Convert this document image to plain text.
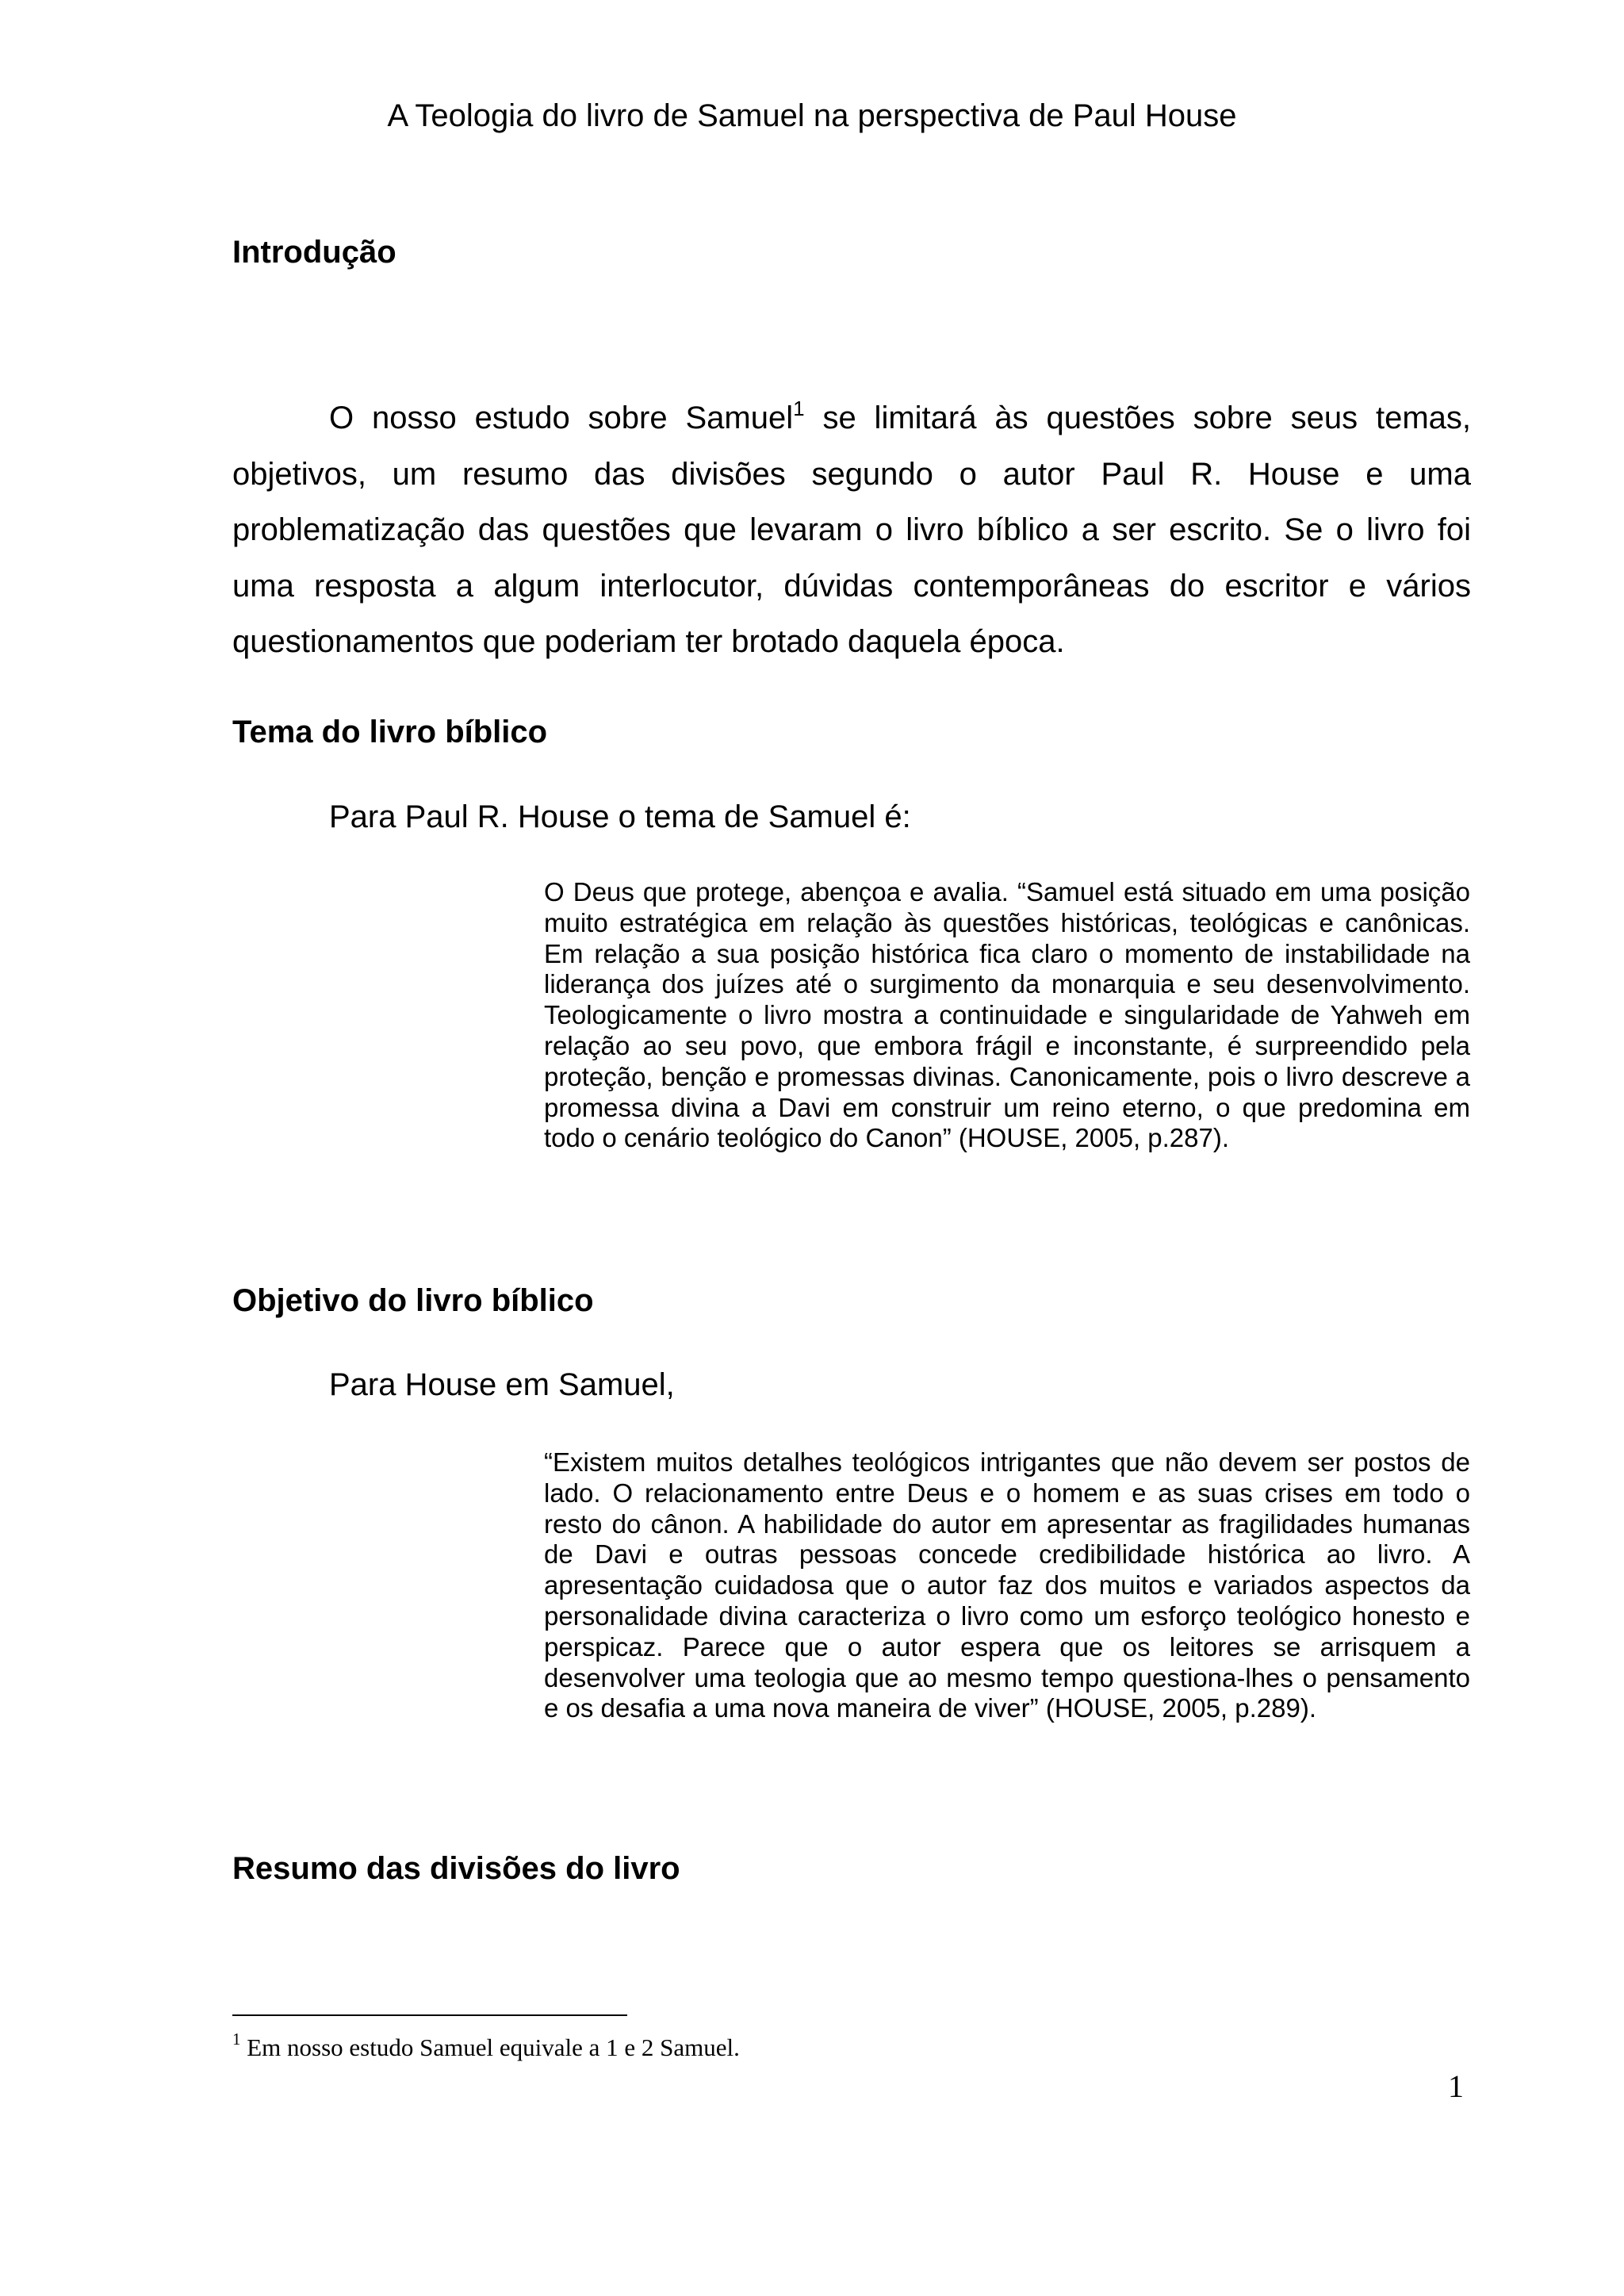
A Teologia do livro de Samuel na perspectiva de Paul House
Introdução

O nosso estudo sobre Samuel$^1$ se limitará às questões sobre seus temas, objetivos, um resumo das divisões segundo o autor Paul R. House e uma problematização das questões que levaram o livro bíblico a ser escrito. Se o livro foi uma resposta a algum interlocutor, dúvidas contemporâneas do escritor e vários questionamentos que poderiam ter brotado daquela época.

Tema do livro bíblico
Para Paul R. House o tema de Samuel é:

O Deus que protege, abençoa e avalia. “Samuel está situado em uma posição muito estratégica em relação às questões históricas, teológicas e canônicas. Em relação a sua posição histórica fica claro o momento de instabilidade na liderança dos juízes até o surgimento da monarquia e seu desenvolvimento. Teologicamente o livro mostra a continuidade e singularidade de Yahweh em relação ao seu povo, que embora frágil e inconstante, é surpreendido pela proteção, benção e promessas divinas. Canonicamente, pois o livro descreve a promessa divina a Davi em construir um reino eterno, o que predomina em todo o cenário teológico do Canon” (HOUSE, 2005, p.287).

Objetivo do livro bíblico
Para House em Samuel,

“Existem muitos detalhes teológicos intrigantes que não devem ser postos de lado. O relacionamento entre Deus e o homem e as suas crises em todo o resto do cânon. A habilidade do autor em apresentar as fragilidades humanas de Davi e outras pessoas concede credibilidade histórica ao livro. A apresentação cuidadosa que o autor faz dos muitos e variados aspectos da personalidade divina caracteriza o livro como um esforço teológico honesto e perspicaz. Parece que o autor espera que os leitores se arrisquem a desenvolver uma teologia que ao mesmo tempo questiona-lhes o pensamento e os desafia a uma nova maneira de viver” (HOUSE, 2005, p.289).

Resumo das divisões do livro
$^1$ Em nosso estudo Samuel equivale a 1 e 2 Samuel.
1
